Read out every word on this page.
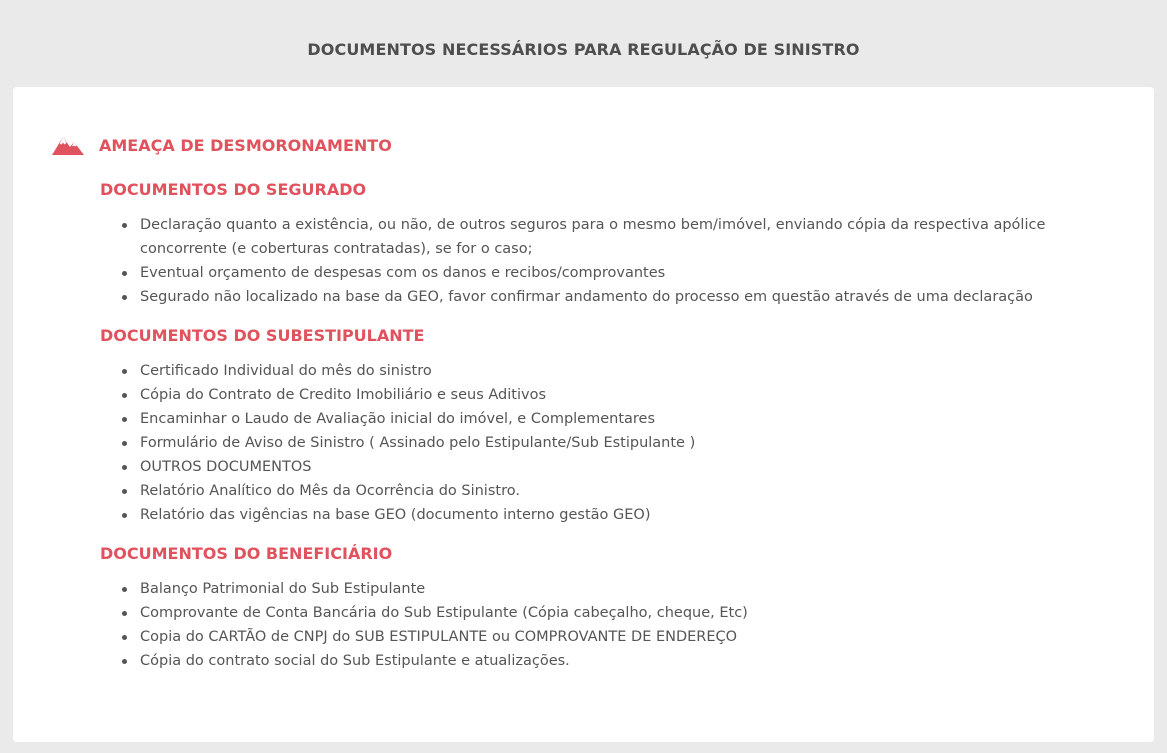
DOCUMENTOS NECESSÁRIOS PARA REGULAÇÃO DE SINISTRO
AMEAÇA DE DESMORONAMENTO
DOCUMENTOS DO SEGURADO
Declaração quanto a existência, ou não, de outros seguros para o mesmo bem/imóvel, enviando cópia da respectiva apólice concorrente (e coberturas contratadas), se for o caso;
Eventual orçamento de despesas com os danos e recibos/comprovantes
Segurado não localizado na base da GEO, favor confirmar andamento do processo em questão através de uma declaração
DOCUMENTOS DO SUBESTIPULANTE
Certificado Individual do mês do sinistro
Cópia do Contrato de Credito Imobiliário e seus Aditivos
Encaminhar o Laudo de Avaliação inicial do imóvel, e Complementares
Formulário de Aviso de Sinistro ( Assinado pelo Estipulante/Sub Estipulante )
OUTROS DOCUMENTOS
Relatório Analítico do Mês da Ocorrência do Sinistro.
Relatório das vigências na base GEO (documento interno gestão GEO)
DOCUMENTOS DO BENEFICIÁRIO
Balanço Patrimonial do Sub Estipulante
Comprovante de Conta Bancária do Sub Estipulante (Cópia cabeçalho, cheque, Etc)
Copia do CARTÃO de CNPJ do SUB ESTIPULANTE ou COMPROVANTE DE ENDEREÇO
Cópia do contrato social do Sub Estipulante e atualizações.
